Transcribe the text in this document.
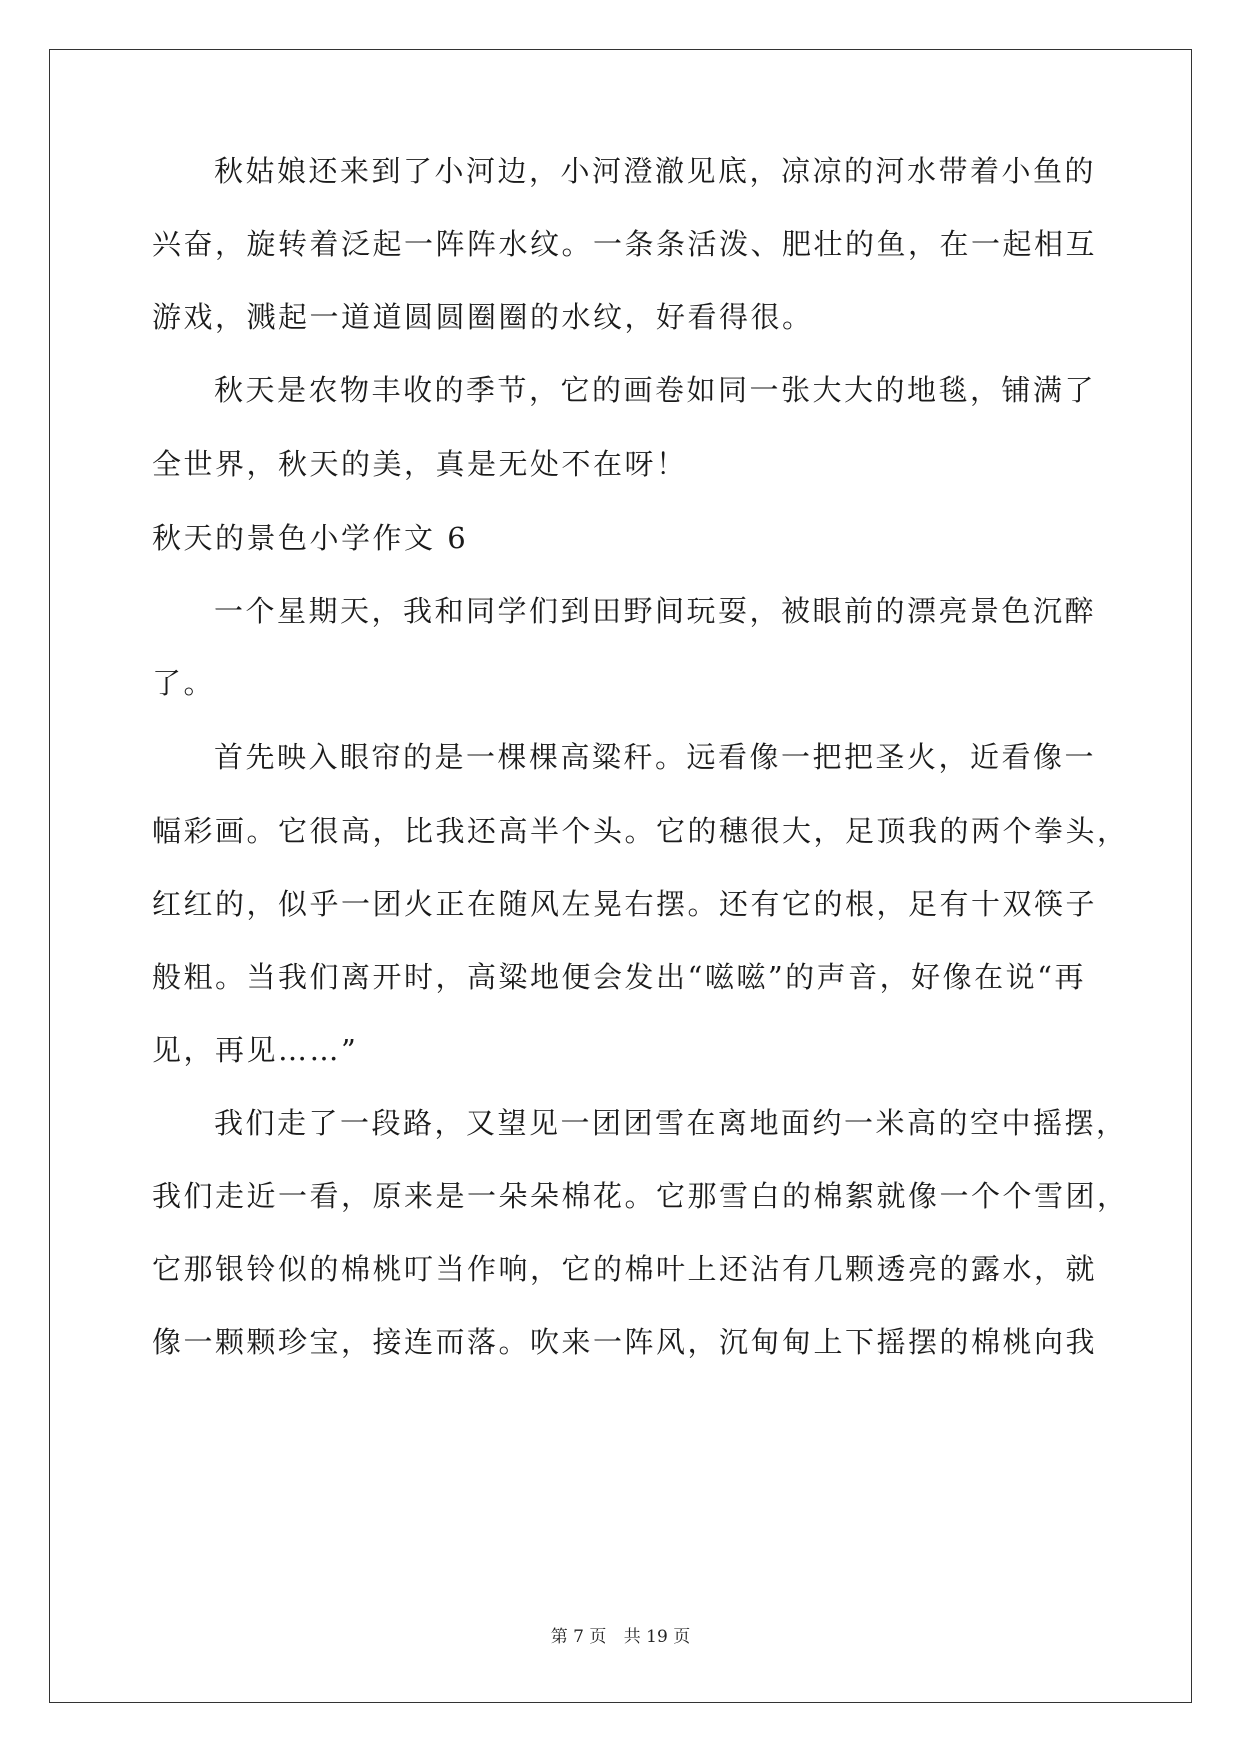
秋姑娘还来到了小河边，小河澄澈见底，凉凉的河水带着小鱼的
兴奋，旋转着泛起一阵阵水纹。一条条活泼、肥壮的鱼，在一起相互
游戏，溅起一道道圆圆圈圈的水纹，好看得很。
秋天是农物丰收的季节，它的画卷如同一张大大的地毯，铺满了
全世界，秋天的美，真是无处不在呀！
秋天的景色小学作文 6
一个星期天，我和同学们到田野间玩耍，被眼前的漂亮景色沉醉
了。
首先映入眼帘的是一棵棵高粱秆。远看像一把把圣火，近看像一
幅彩画。它很高，比我还高半个头。它的穗很大，足顶我的两个拳头，
红红的，似乎一团火正在随风左晃右摆。还有它的根，足有十双筷子
般粗。当我们离开时，高粱地便会发出“嗞嗞”的声音，好像在说“再
见，再见……”
我们走了一段路，又望见一团团雪在离地面约一米高的空中摇摆，
我们走近一看，原来是一朵朵棉花。它那雪白的棉絮就像一个个雪团，
它那银铃似的棉桃叮当作响，它的棉叶上还沾有几颗透亮的露水，就
像一颗颗珍宝，接连而落。吹来一阵风，沉甸甸上下摇摆的棉桃向我
第 7 页 共 19 页
